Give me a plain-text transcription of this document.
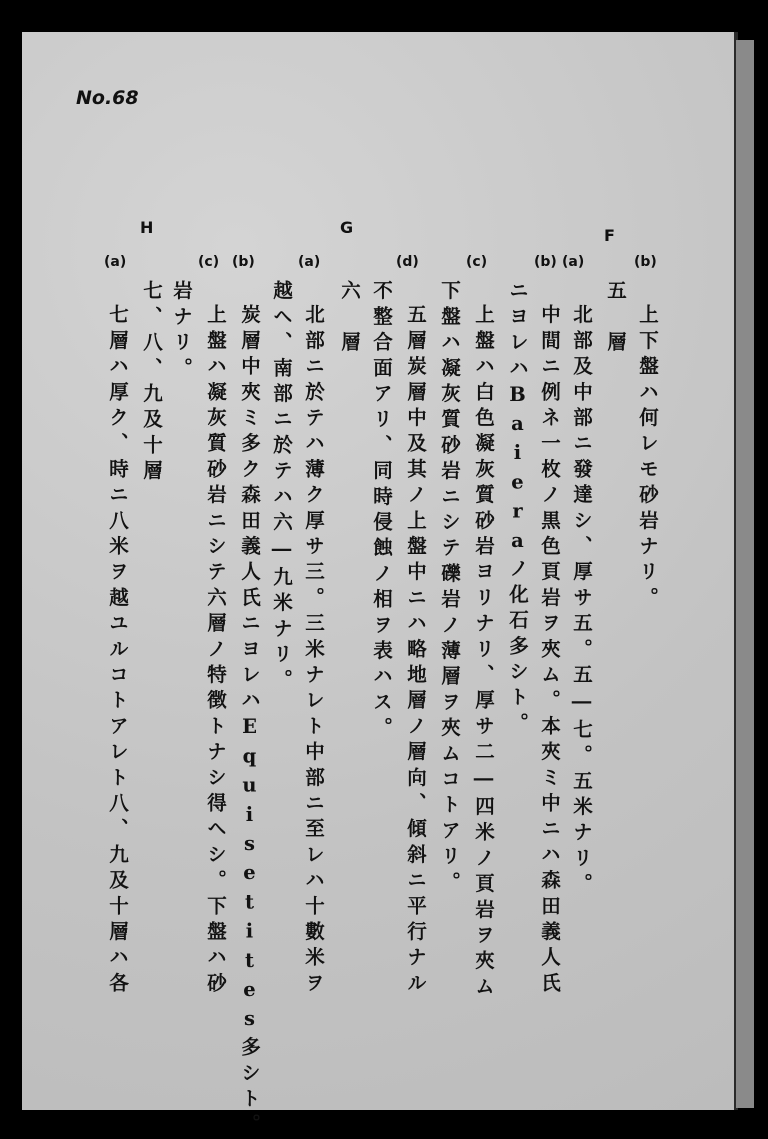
No.68
F
G
H
(b)
(a)
(b)
(c)
(d)
(a)
(b)
(c)
(a)
上下盤ハ何レモ砂岩ナリ。
五　層
北部及中部ニ發達シ、厚サ五。五―七。五米ナリ。
中間ニ例ネ一枚ノ黒色頁岩ヲ夾ム。本夾ミ中ニハ森田義人氏
ニヨレハBaieraノ化石多シト。
上盤ハ白色凝灰質砂岩ヨリナリ、厚サ二―四米ノ頁岩ヲ夾ム
下盤ハ凝灰質砂岩ニシテ礫岩ノ薄層ヲ夾ムコトアリ。
五層炭層中及其ノ上盤中ニハ略地層ノ層向、傾斜ニ平行ナル
不整合面アリ、同時侵蝕ノ相ヲ表ハス。
六　層
北部ニ於テハ薄ク厚サ三。三米ナレト中部ニ至レハ十數米ヲ
越ヘ、南部ニ於テハ六―九米ナリ。
炭層中夾ミ多ク森田義人氏ニヨレハEquisetites多シト。
上盤ハ凝灰質砂岩ニシテ六層ノ特徴トナシ得ヘシ。下盤ハ砂
岩ナリ。
七、八、九及十層
七層ハ厚ク、時ニ八米ヲ越ユルコトアレト八、九及十層ハ各
